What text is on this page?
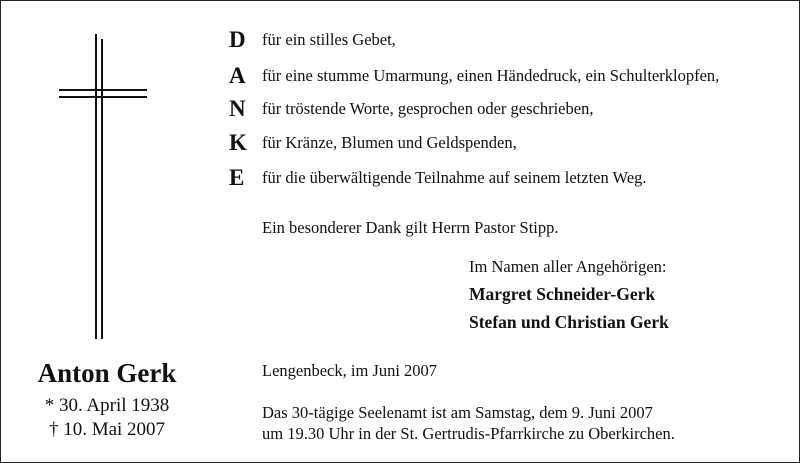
Anton Gerk
* 30. April 1938
† 10. Mai 2007
D für ein stilles Gebet,
A für eine stumme Umarmung, einen Händedruck, ein Schulterklopfen,
N für tröstende Worte, gesprochen oder geschrieben,
K für Kränze, Blumen und Geldspenden,
E	für die überwältigende Teilnahme auf seinem letzten Weg.
Ein besonderer Dank gilt Herrn Pastor Stipp.
Im Namen aller Angehörigen:
Margret Schneider-Gerk
Stefan und Christian Gerk
Lengenbeck, im Juni 2007
Das 30-tägige Seelenamt ist am Samstag, dem 9. Juni 2007
um 19.30 Uhr in der St. Gertrudis-Pfarrkirche zu Oberkirchen.
